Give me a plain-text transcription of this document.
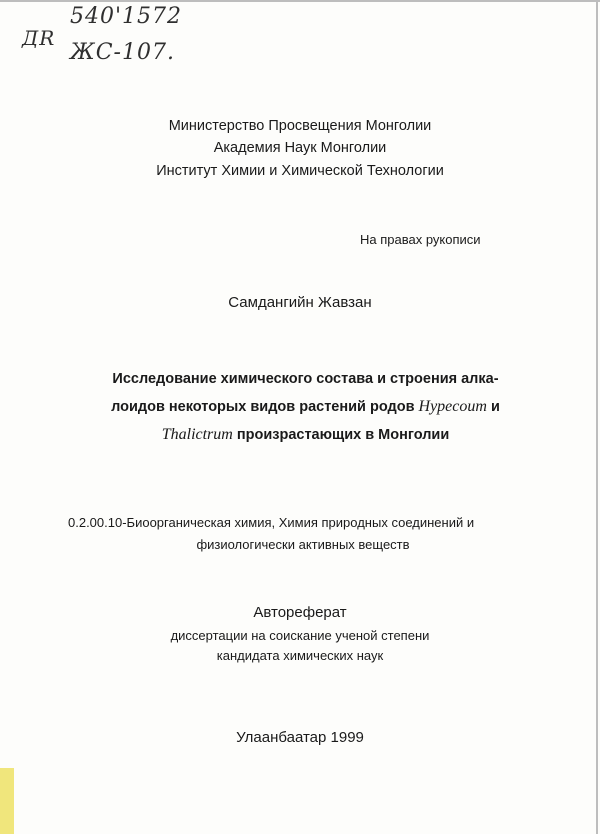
ДR
540'1572
ЖС-107.
Министерство Просвещения Монголии
Академия Наук Монголии
Институт Химии и Химической Технологии
На правах рукописи
Самдангийн Жавзан
Исследование химического состава и строения алка-
лоидов некоторых видов растений родов Hypecoum и
Thalictrum произрастающих в Монголии
0.2.00.10-Биоорганическая химия, Химия природных соединений и
физиологически активных веществ
Автореферат
диссертации на соискание ученой степени
кандидата химических наук
Улаанбаатар 1999
